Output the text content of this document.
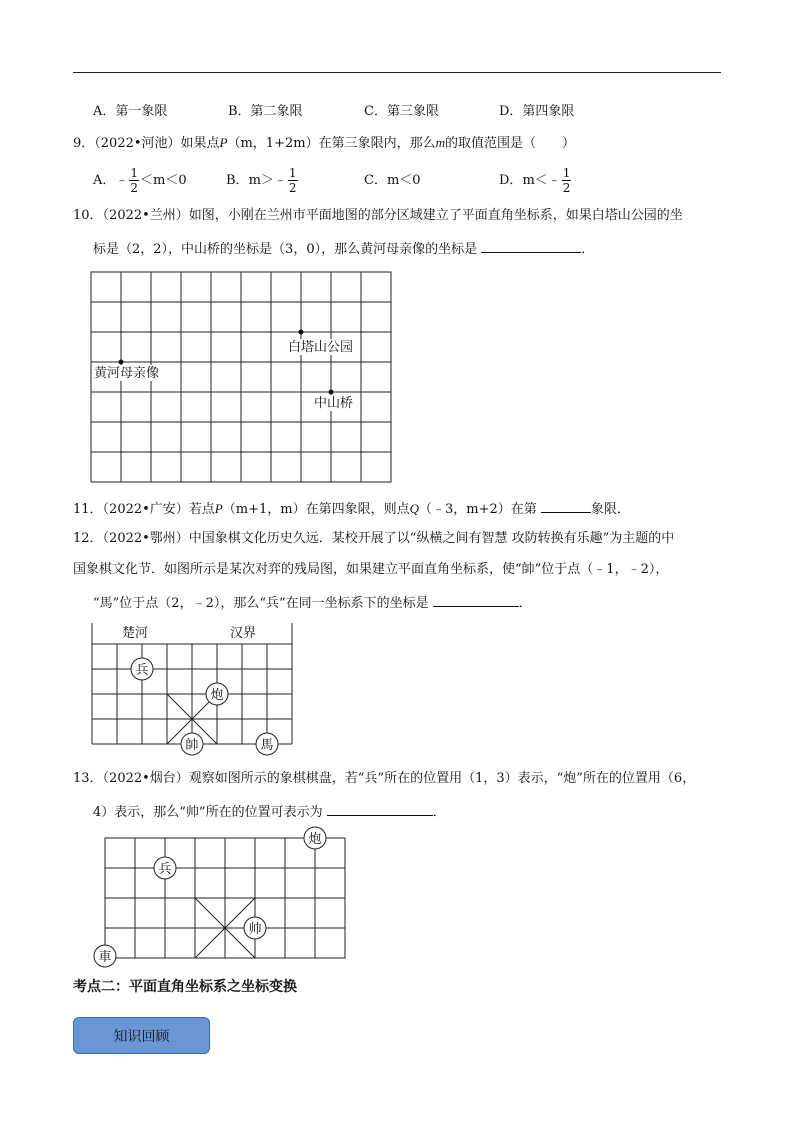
A．第一象限	B．第二象限	C．第三象限	D．第四象限
9．（2022•河池）如果点P（m，1+2m）在第三象限内，那么m的取值范围是（　　）
A．﹣ $\frac{1}{2} <m<0$	B．m＞﹣ $\frac{1}{2}$	C．m＜0	D．m＜﹣ $\frac{1}{2}$
10．（2022•兰州）如图，小刚在兰州市平面地图的部分区域建立了平面直角坐标系，如果白塔山公园的坐
标是（2，2），中山桥的坐标是（3，0），那么黄河母亲像的坐标是	．
白塔山公园
黄河母亲像
中山桥
11．（2022•广安）若点P（m+1，m）在第四象限，则点Q（﹣3，m+2）在第	象限．
12．（2022•鄂州）中国象棋文化历史久远．某校开展了以“纵横之间有智慧 攻防转换有乐趣”为主题的中
国象棋文化节．如图所示是某次对弈的残局图，如果建立平面直角坐标系，使“帥”位于点（﹣1，﹣2），
“馬”位于点（2，﹣2），那么“兵”在同一坐标系下的坐标是	．
楚河	汉界
兵
炮
帥	馬
13．（2022•烟台）观察如图所示的象棋棋盘，若“兵”所在的位置用（1，3）表示，“炮”所在的位置用（6，
4）表示，那么“帅”所在的位置可表示为	．
炮
兵
帅
車
考点二：平面直角坐标系之坐标变换
知识回顾
